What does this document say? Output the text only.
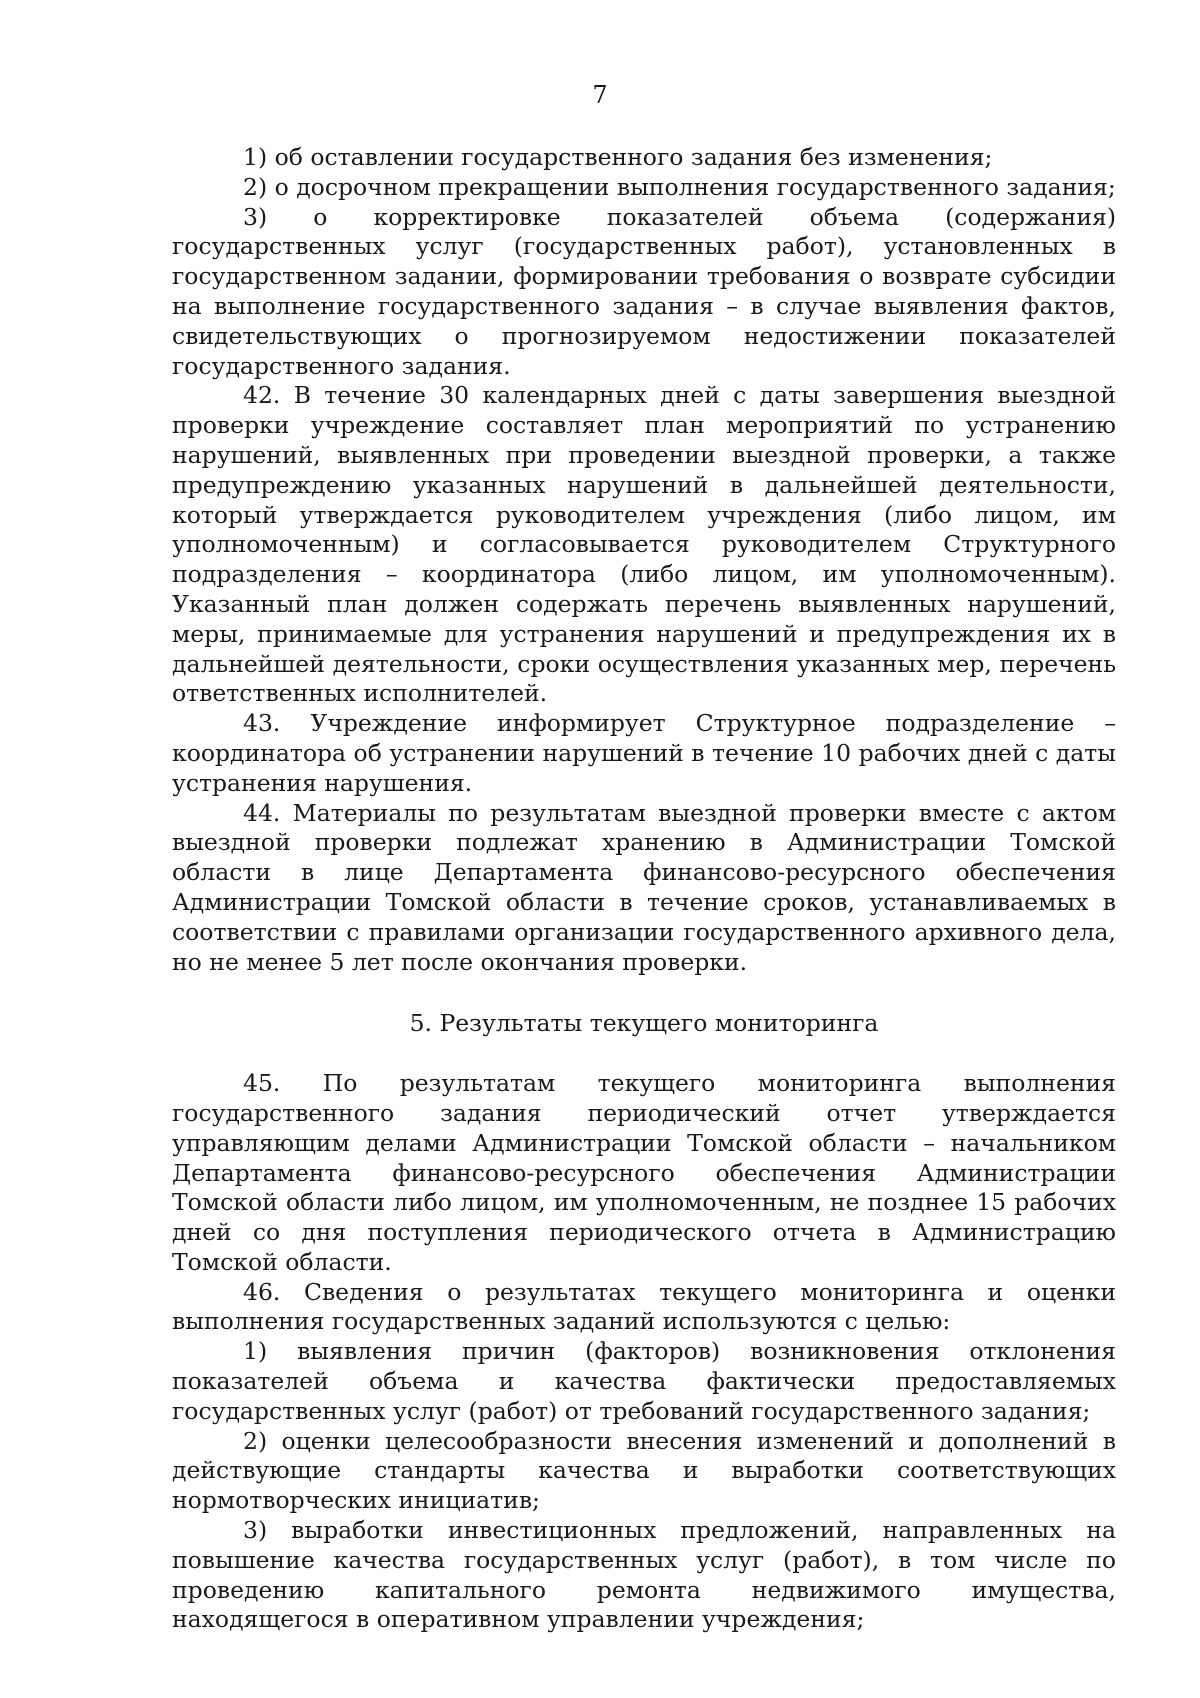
7

1) об оставлении государственного задания без изменения;

2) о досрочном прекращении выполнения государственного задания;

3) о корректировке показателей объема (содержания) государственных услуг (государственных работ), установленных в государственном задании, формировании требования о возврате субсидии на выполнение государственного задания – в случае выявления фактов, свидетельствующих о прогнозируемом недостижении показателей государственного задания.

42. В течение 30 календарных дней с даты завершения выездной проверки учреждение составляет план мероприятий по устранению нарушений, выявленных при проведении выездной проверки, а также предупреждению указанных нарушений в дальнейшей деятельности, который утверждается руководителем учреждения (либо лицом, им уполномоченным) и согласовывается руководителем Структурного подразделения – координатора (либо лицом, им уполномоченным). Указанный план должен содержать перечень выявленных нарушений, меры, принимаемые для устранения нарушений и предупреждения их в дальнейшей деятельности, сроки осуществления указанных мер, перечень ответственных исполнителей.

43. Учреждение информирует Структурное подразделение – координатора об устранении нарушений в течение 10 рабочих дней с даты устранения нарушения.

44. Материалы по результатам выездной проверки вместе с актом выездной проверки подлежат хранению в Администрации Томской области в лице Департамента финансово-ресурсного обеспечения Администрации Томской области в течение сроков, устанавливаемых в соответствии с правилами организации государственного архивного дела, но не менее 5 лет после окончания проверки.

5. Результаты текущего мониторинга

45. По результатам текущего мониторинга выполнения государственного задания периодический отчет утверждается управляющим делами Администрации Томской области – начальником Департамента финансово-ресурсного обеспечения Администрации Томской области либо лицом, им уполномоченным, не позднее 15 рабочих дней со дня поступления периодического отчета в Администрацию Томской области.

46. Сведения о результатах текущего мониторинга и оценки выполнения государственных заданий используются с целью:

1) выявления причин (факторов) возникновения отклонения показателей объема и качества фактически предоставляемых государственных услуг (работ) от требований государственного задания;

2) оценки целесообразности внесения изменений и дополнений в действующие стандарты качества и выработки соответствующих нормотворческих инициатив;

3) выработки инвестиционных предложений, направленных на повышение качества государственных услуг (работ), в том числе по проведению капитального ремонта недвижимого имущества, находящегося в оперативном управлении учреждения;
